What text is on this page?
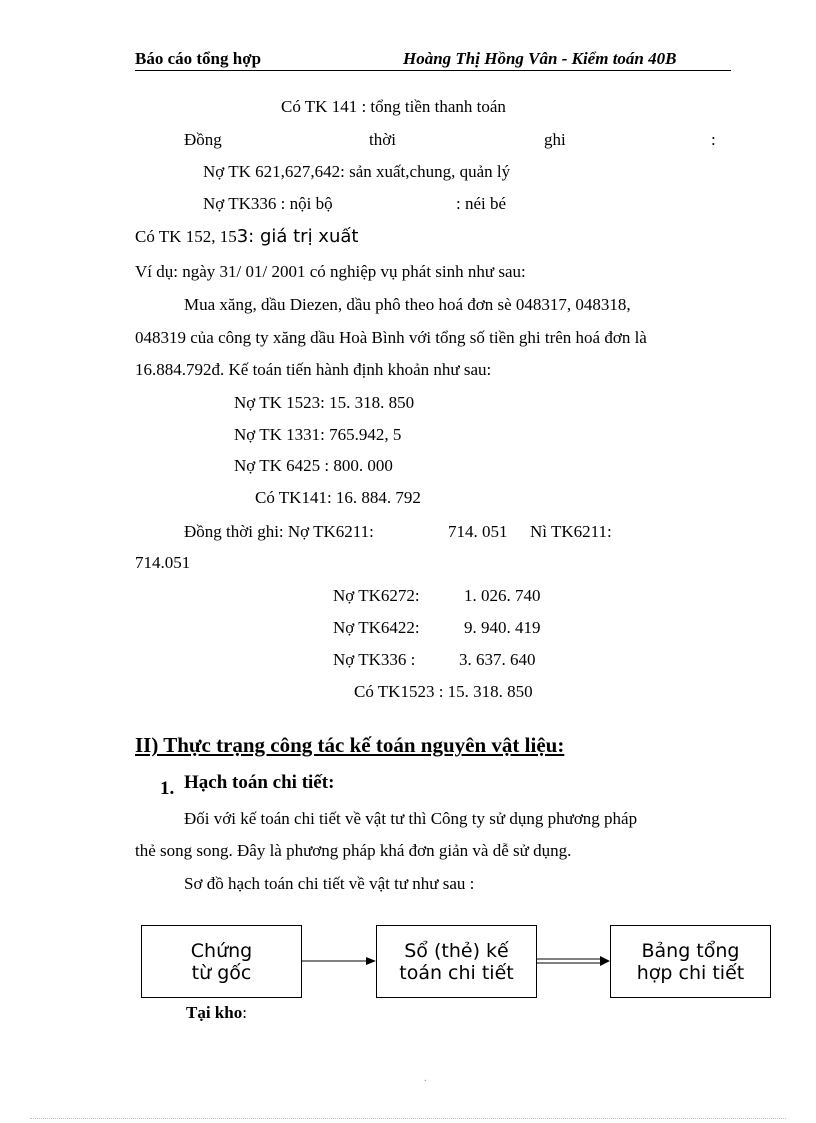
Báo cáo tổng hợp	Hoàng Thị Hồng Vân - Kiểm toán 40B
Có TK 141 : tổng tiền thanh toán
Đồng	thời	ghi	:
Nợ TK 621,627,642: sản xuất,chung, quản lý
Nợ TK336 : nội bộ	: néi bé
Có TK 152, 153: giá trị xuất
Ví dụ: ngày 31/ 01/ 2001 có nghiệp vụ phát sinh như sau:
Mua xăng, dầu Diezen, dầu phô theo hoá đơn sè 048317, 048318,
048319 của công ty xăng dầu Hoà Bình với tổng số tiền ghi trên hoá đơn là
16.884.792đ. Kế toán tiến hành định khoản như sau:
Nợ TK 1523: 15. 318. 850
Nợ TK 1331: 765.942, 5
Nợ TK 6425 : 800. 000
Có TK141: 16. 884. 792
Đồng thời ghi: Nợ TK6211:	714. 051 Nì TK6211:
714.051
Nợ TK6272:	1. 026. 740
Nợ TK6422:	9. 940. 419
Nợ TK336 :	3. 637. 640
Có TK1523 : 15. 318. 850
II) Thực trạng công tác kế toán nguyên vật liệu:
1. Hạch toán chi tiết:
Đối với kế toán chi tiết về vật tư thì Công ty sử dụng phương pháp
thẻ song song. Đây là phương pháp khá đơn giản và dễ sử dụng.
Sơ đồ hạch toán chi tiết về vật tư như sau :
Chứng
từ gốc
Sổ (thẻ) kế
toán chi tiết
Bảng tổng
hợp chi tiết
Tại kho:
.
